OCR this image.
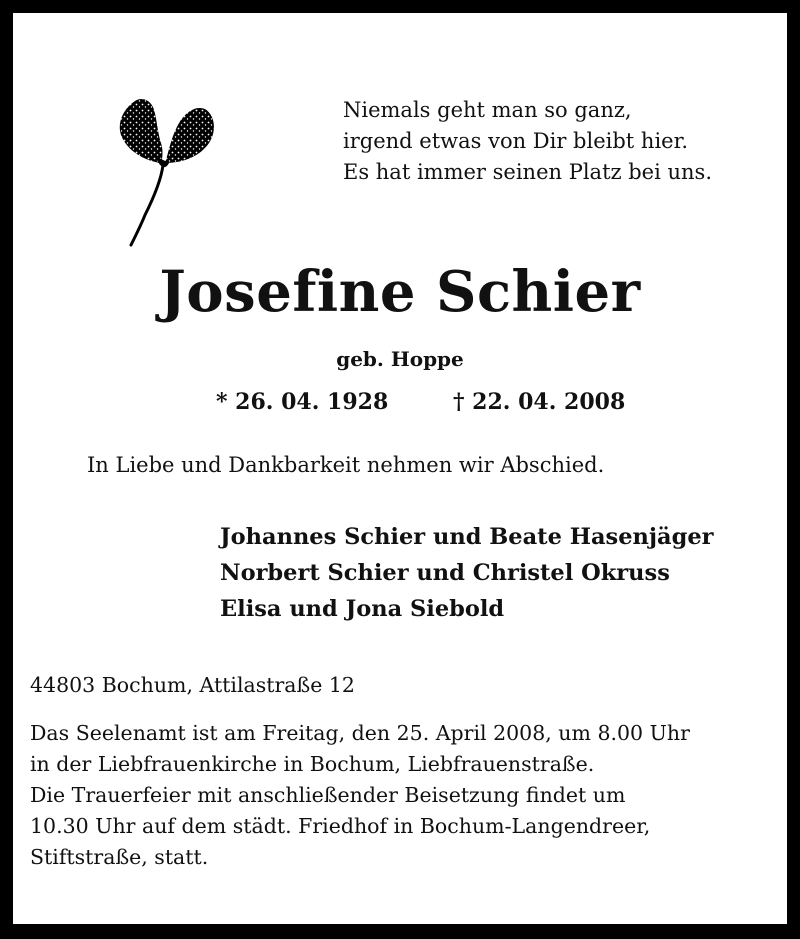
Niemals geht man so ganz,
irgend etwas von Dir bleibt hier.
Es hat immer seinen Platz bei uns.
Josefine Schier
geb. Hoppe
* 26. 04. 1928	† 22. 04. 2008
In Liebe und Dankbarkeit nehmen wir Abschied.
Johannes Schier und Beate Hasenjäger
Norbert Schier und Christel Okruss
Elisa und Jona Siebold
44803 Bochum, Attilastraße 12
Das Seelenamt ist am Freitag, den 25. April 2008, um 8.00 Uhr
in der Liebfrauenkirche in Bochum, Liebfrauenstraße.
Die Trauerfeier mit anschließender Beisetzung findet um
10.30 Uhr auf dem städt. Friedhof in Bochum-Langendreer,
Stiftstraße, statt.
